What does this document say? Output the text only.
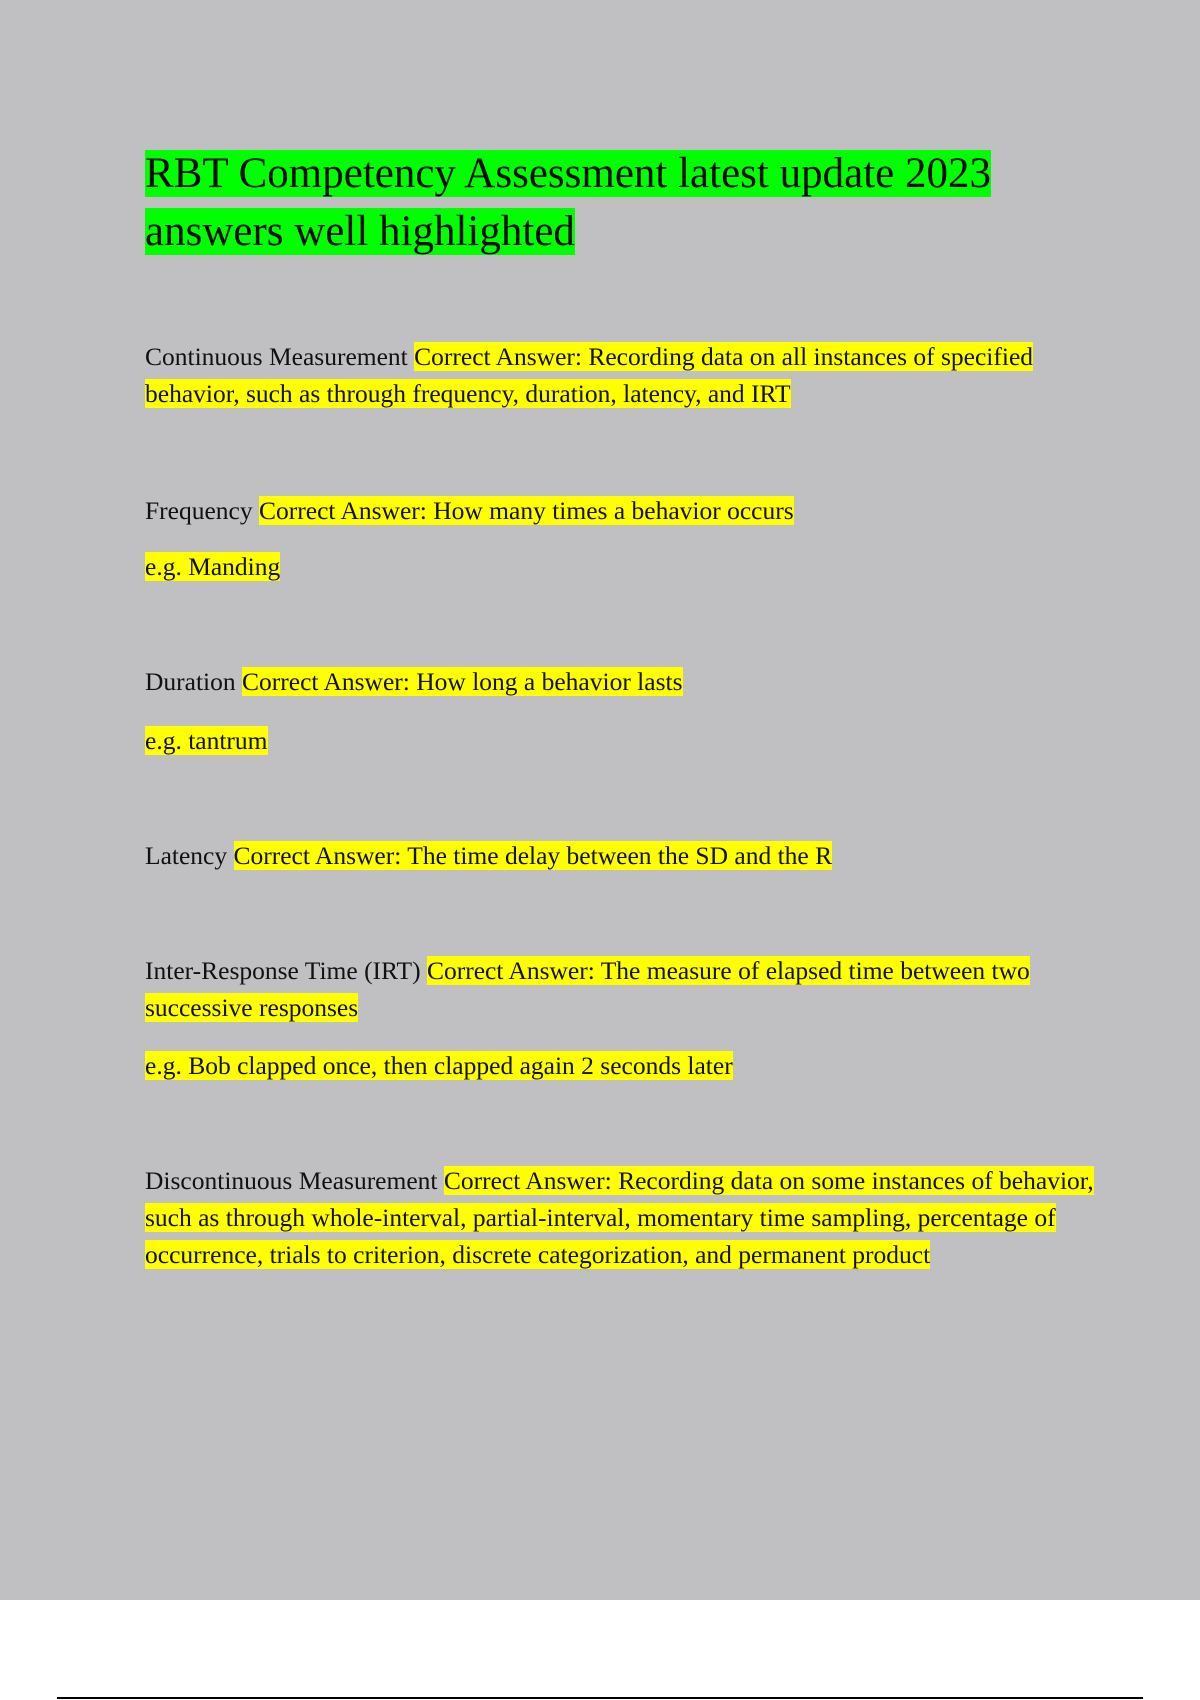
RBT Competency Assessment latest update 2023 answers well highlighted
Continuous Measurement Correct Answer: Recording data on all instances of specified behavior, such as through frequency, duration, latency, and IRT
Frequency Correct Answer: How many times a behavior occurs
e.g. Manding
Duration Correct Answer: How long a behavior lasts
e.g. tantrum
Latency Correct Answer: The time delay between the SD and the R
Inter-Response Time (IRT) Correct Answer: The measure of elapsed time between two successive responses
e.g. Bob clapped once, then clapped again 2 seconds later
Discontinuous Measurement Correct Answer: Recording data on some instances of behavior, such as through whole-interval, partial-interval, momentary time sampling, percentage of occurrence, trials to criterion, discrete categorization, and permanent product
